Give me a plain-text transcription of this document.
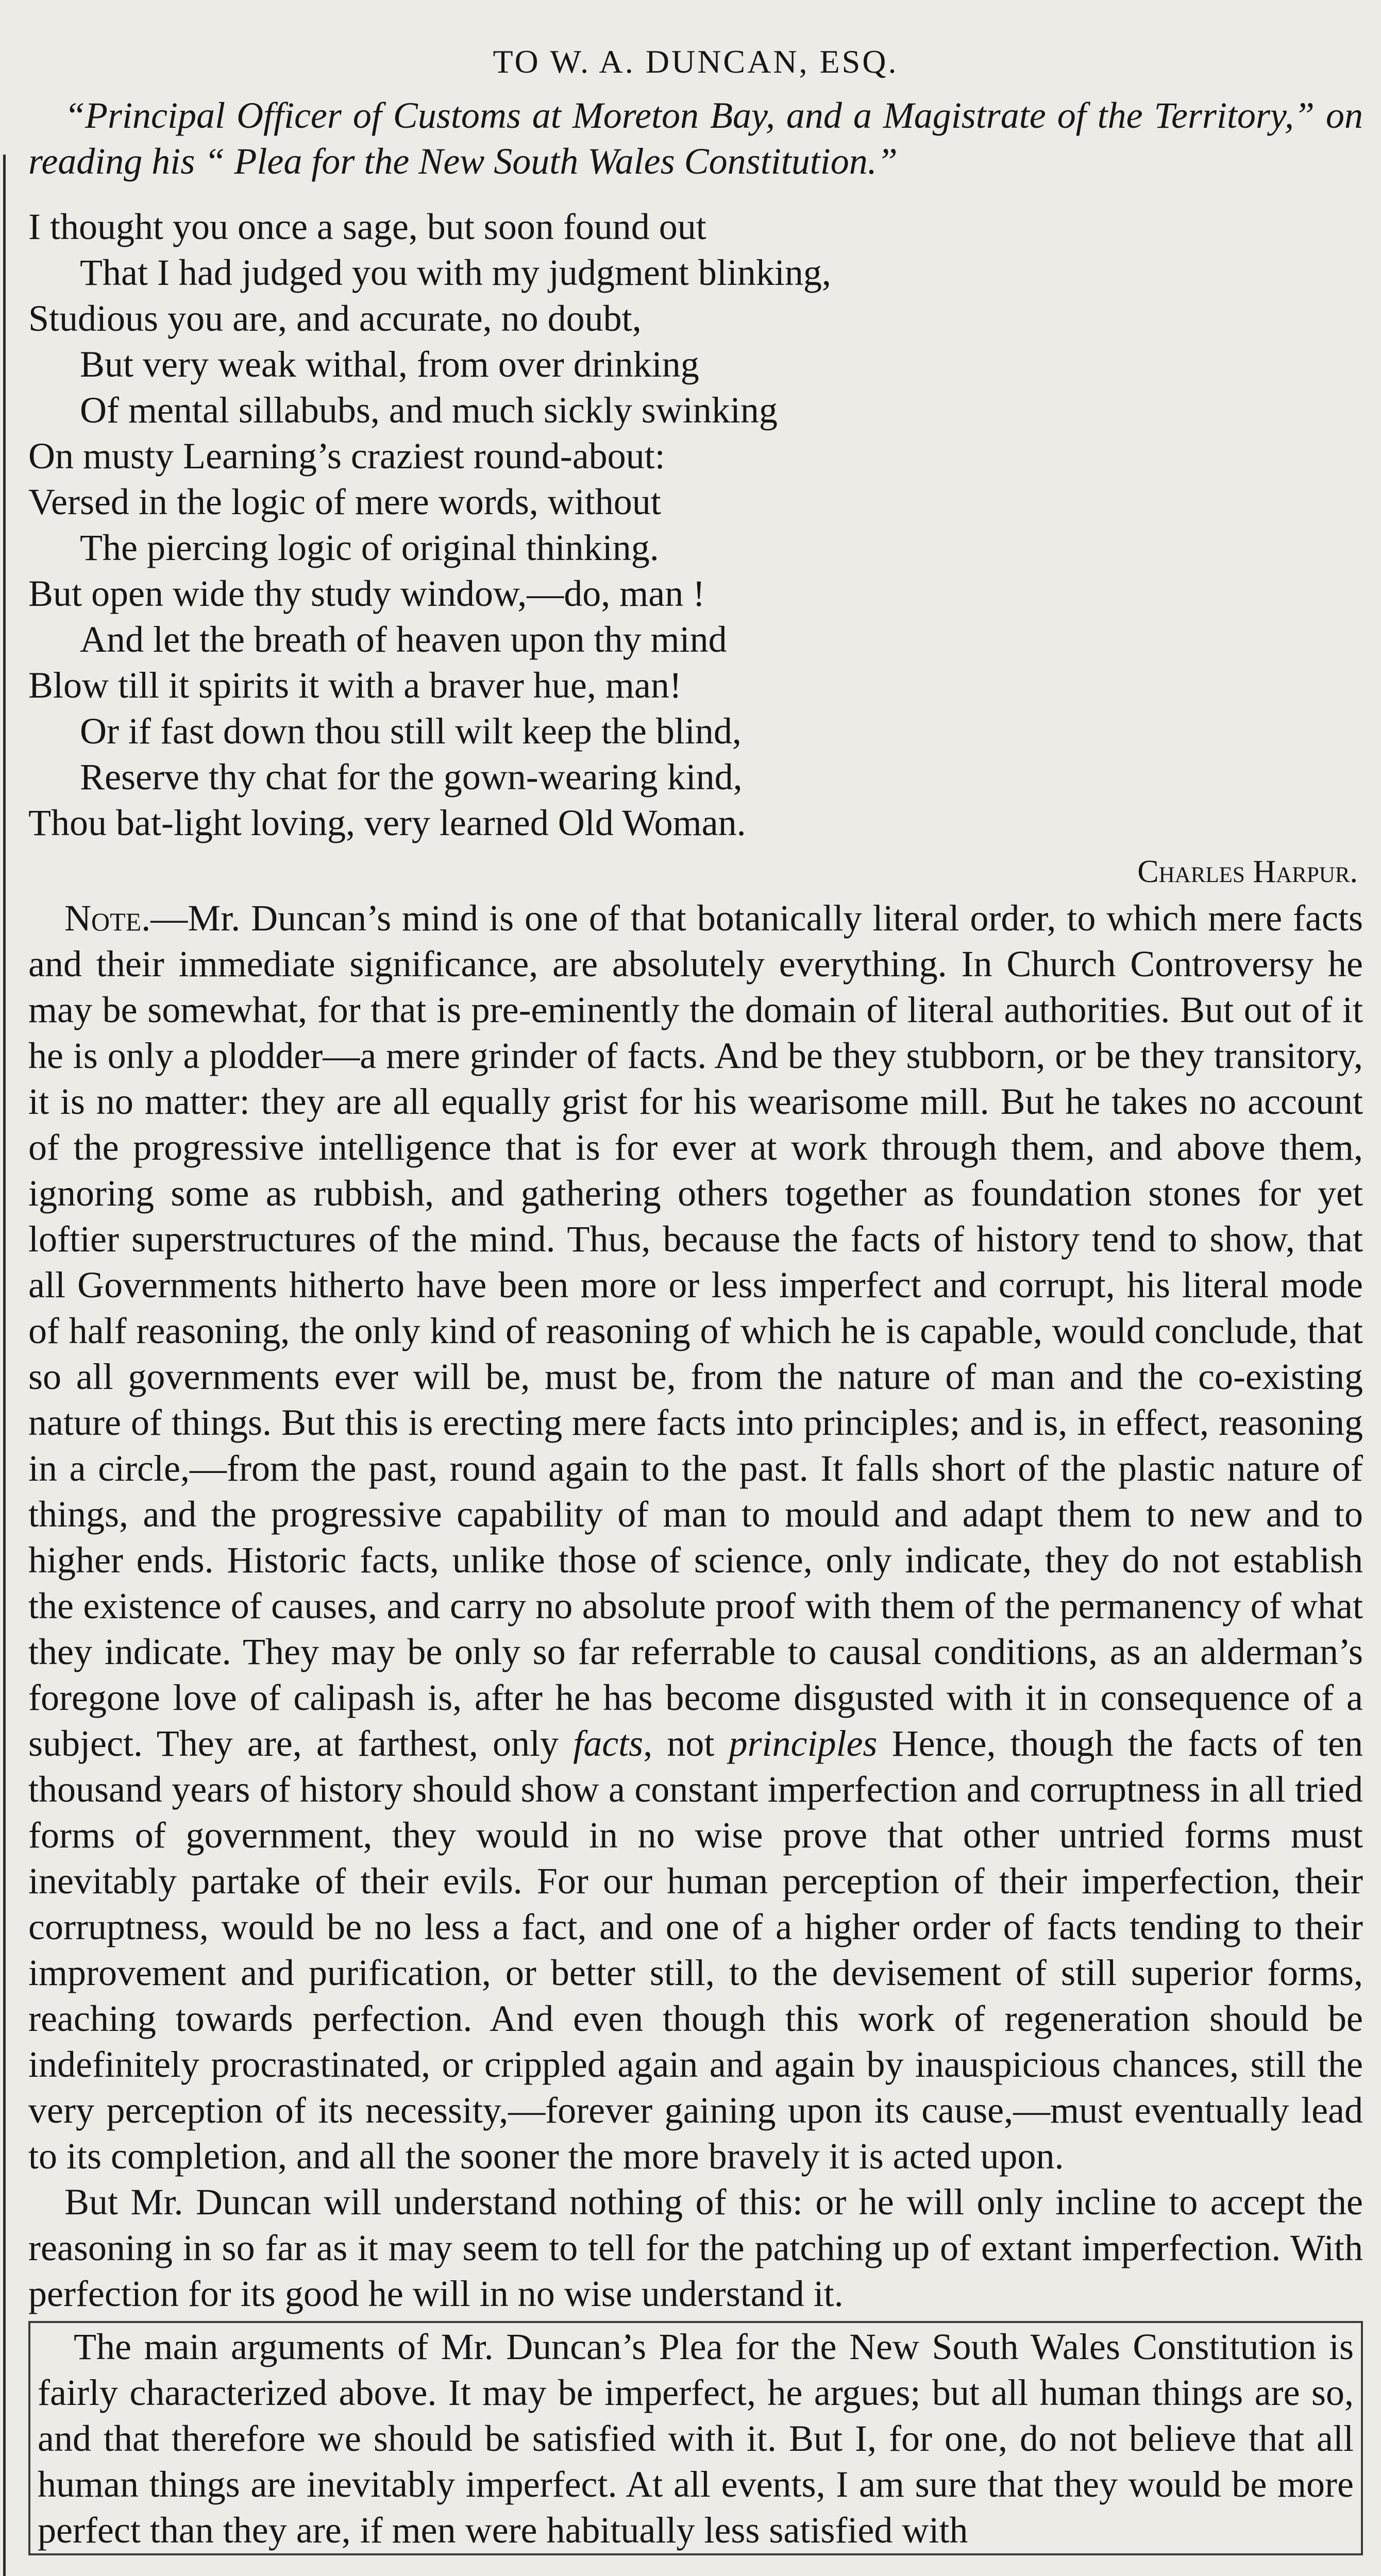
TO W. A. DUNCAN, ESQ.

“Principal Officer of Customs at Moreton Bay, and a Magistrate of the Territory,” on reading his “ Plea for the New South Wales Constitution.”

I thought you once a sage, but soon found out
That I had judged you with my judgment blinking,
Studious you are, and accurate, no doubt,
But very weak withal, from over drinking
Of mental sillabubs, and much sickly swinking
On musty Learning’s craziest round-about:
Versed in the logic of mere words, without
The piercing logic of original thinking.
But open wide thy study window,—do, man !
And let the breath of heaven upon thy mind
Blow till it spirits it with a braver hue, man!
Or if fast down thou still wilt keep the blind,
Reserve thy chat for the gown-wearing kind,
Thou bat-light loving, very learned Old Woman.
Charles Harpur.

Note.—Mr. Duncan’s mind is one of that botanically literal order, to which mere facts and their immediate significance, are absolutely everything. In Church Controversy he may be somewhat, for that is pre-eminently the domain of literal authorities. But out of it he is only a plodder—a mere grinder of facts. And be they stubborn, or be they transitory, it is no matter: they are all equally grist for his wearisome mill. But he takes no account of the progressive intelligence that is for ever at work through them, and above them, ignoring some as rubbish, and gathering others together as foundation stones for yet loftier superstructures of the mind. Thus, because the facts of history tend to show, that all Governments hitherto have been more or less imperfect and corrupt, his literal mode of half reasoning, the only kind of reasoning of which he is capable, would conclude, that so all governments ever will be, must be, from the nature of man and the co-existing nature of things. But this is erecting mere facts into principles; and is, in effect, reasoning in a circle,—from the past, round again to the past. It falls short of the plastic nature of things, and the progressive capability of man to mould and adapt them to new and to higher ends. Historic facts, unlike those of science, only indicate, they do not establish the existence of causes, and carry no absolute proof with them of the permanency of what they indicate. They may be only so far referrable to causal conditions, as an alderman’s foregone love of calipash is, after he has become disgusted with it in consequence of a subject. They are, at farthest, only facts, not principles Hence, though the facts of ten thousand years of history should show a constant imperfection and corruptness in all tried forms of government, they would in no wise prove that other untried forms must inevitably partake of their evils. For our human perception of their imperfection, their corruptness, would be no less a fact, and one of a higher order of facts tending to their improvement and purification, or better still, to the devisement of still superior forms, reaching towards perfection. And even though this work of regeneration should be indefinitely procrastinated, or crippled again and again by inauspicious chances, still the very perception of its necessity,—forever gaining upon its cause,—must eventually lead to its completion, and all the sooner the more bravely it is acted upon.

But Mr. Duncan will understand nothing of this: or he will only incline to accept the reasoning in so far as it may seem to tell for the patching up of extant imperfection. With perfection for its good he will in no wise understand it.

The main arguments of Mr. Duncan’s Plea for the New South Wales Constitution is fairly characterized above. It may be imperfect, he argues; but all human things are so, and that therefore we should be satisfied with it. But I, for one, do not believe that all human things are inevitably imperfect. At all events, I am sure that they would be more perfect than they are, if men were habitually less satisfied with
